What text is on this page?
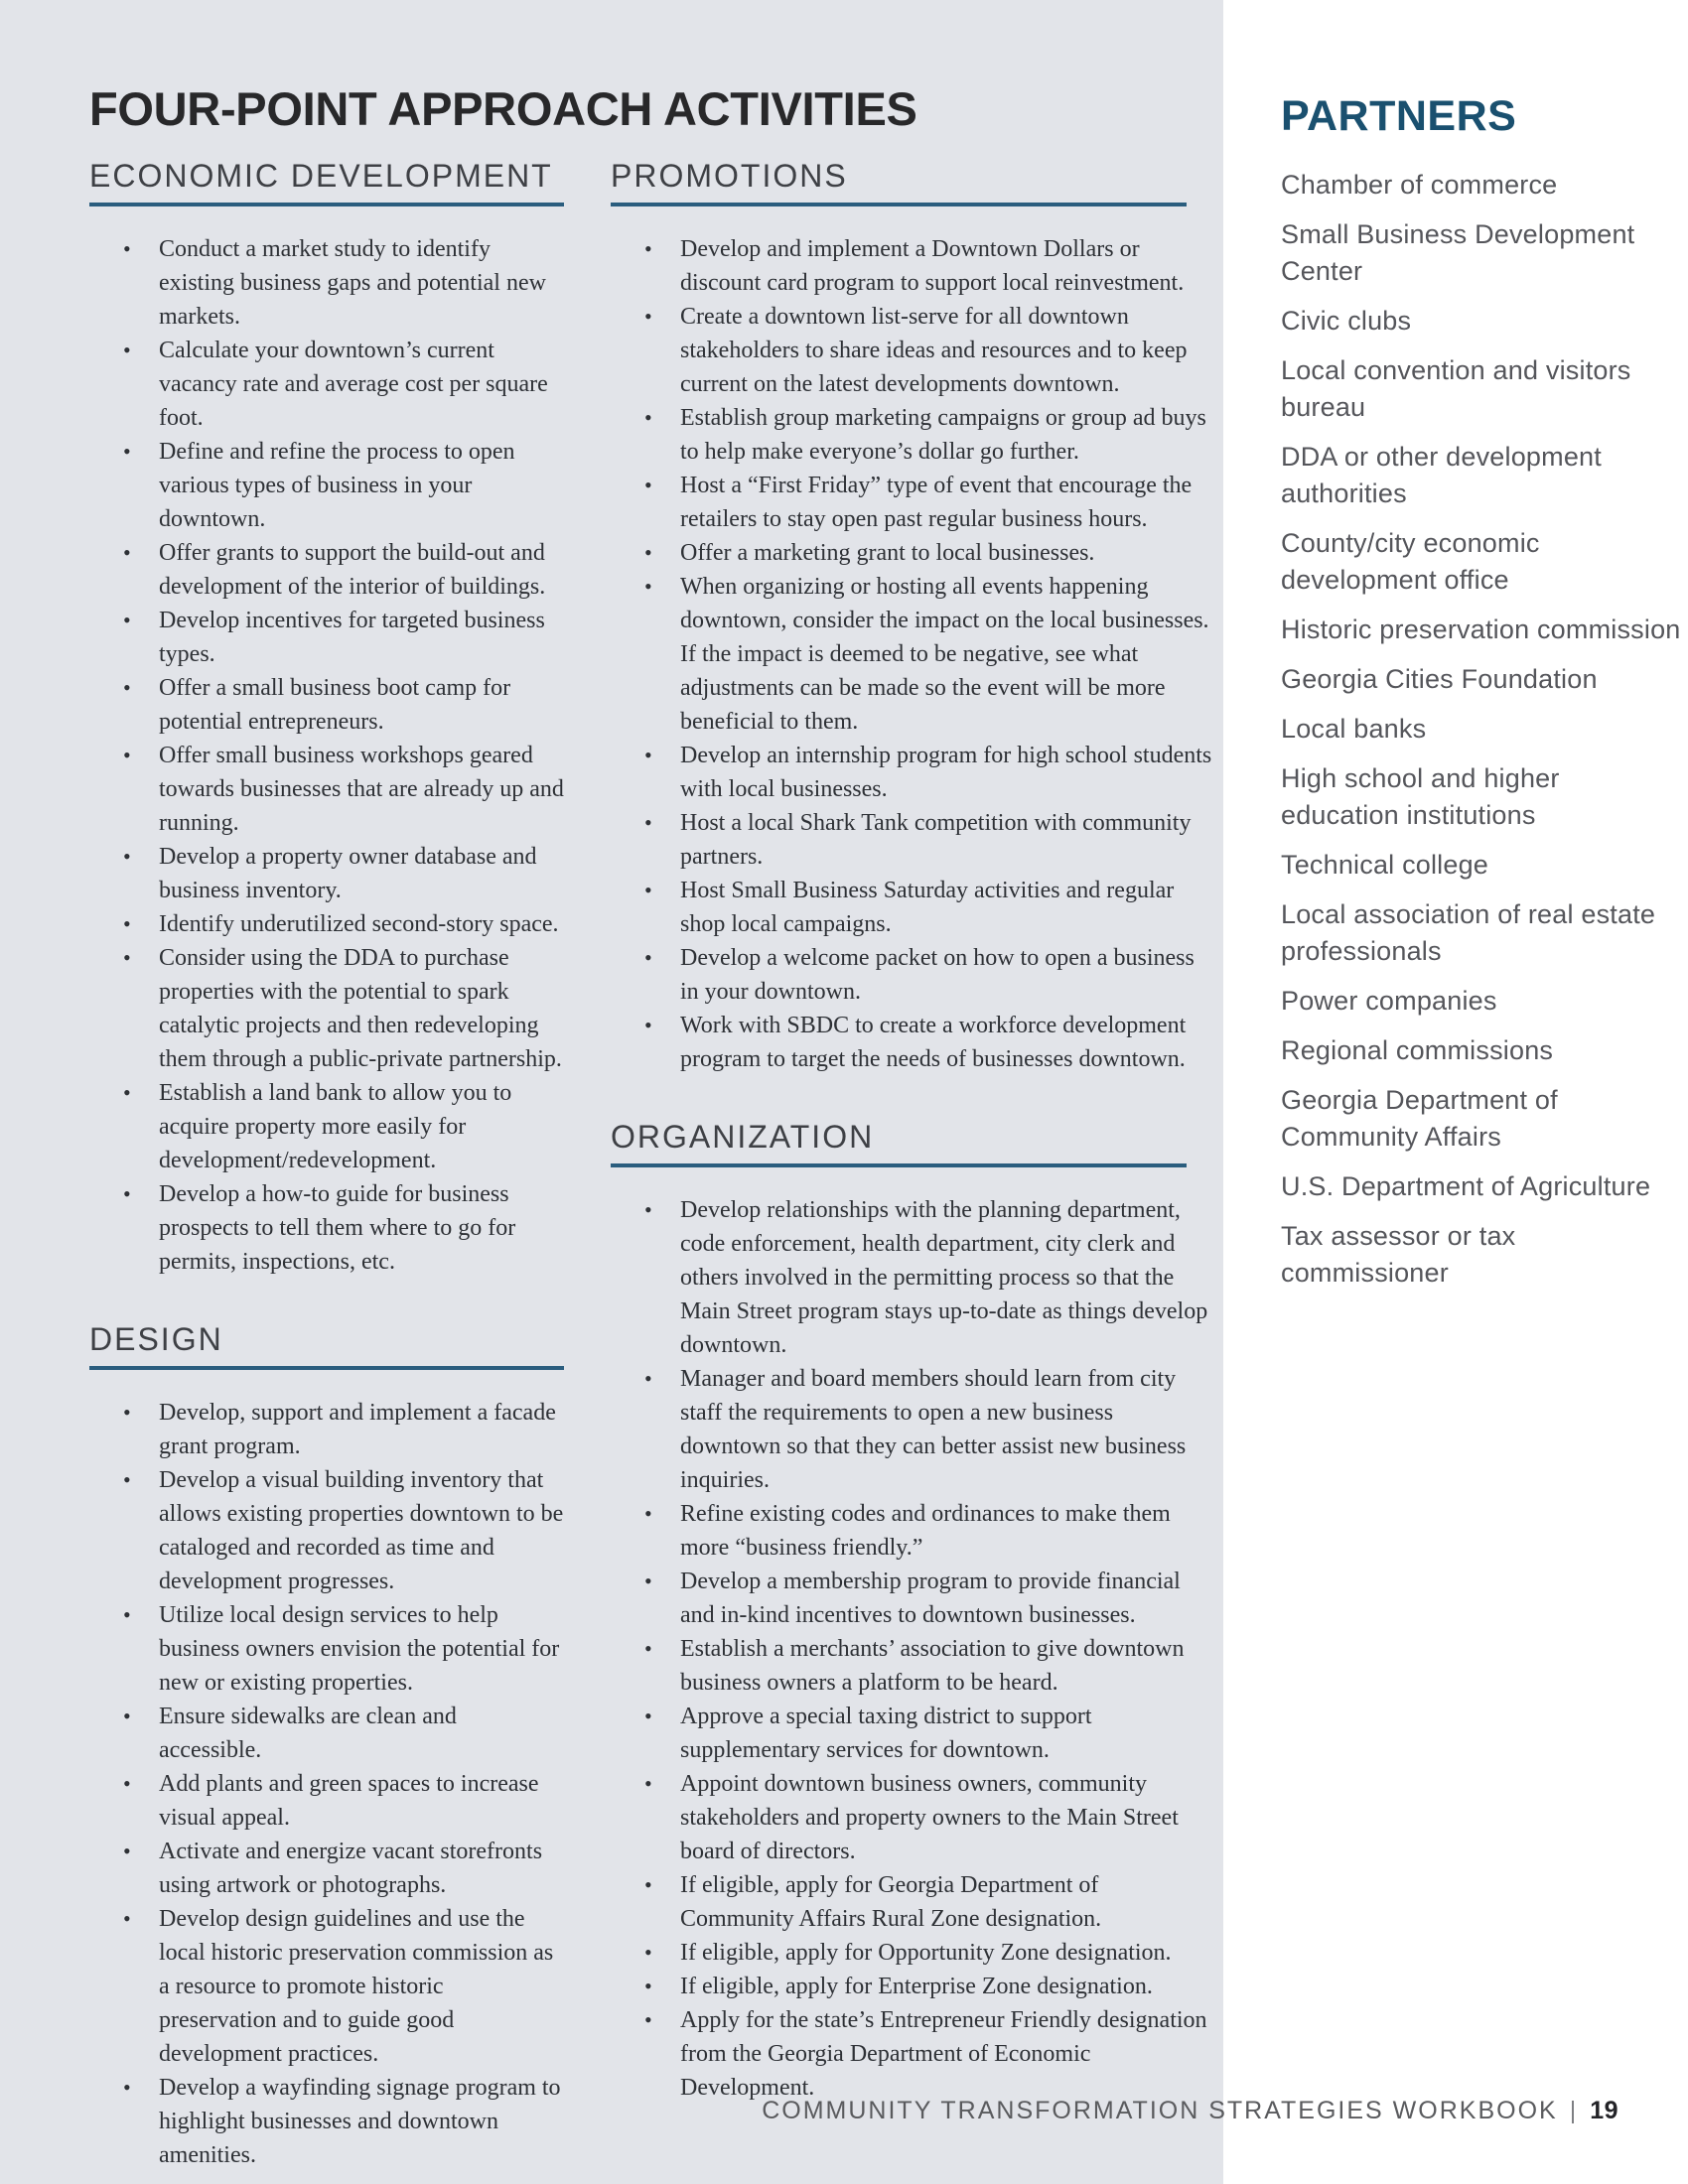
FOUR-POINT APPROACH ACTIVITIES
ECONOMIC DEVELOPMENT
• Conduct a market study to identify existing business gaps and potential new markets.
• Calculate your downtown’s current vacancy rate and average cost per square foot.
• Define and refine the process to open various types of business in your downtown.
• Offer grants to support the build-out and development of the interior of buildings.
• Develop incentives for targeted business types.
• Offer a small business boot camp for potential entrepreneurs.
• Offer small business workshops geared towards businesses that are already up and running.
• Develop a property owner database and business inventory.
• Identify underutilized second-story space.
• Consider using the DDA to purchase properties with the potential to spark catalytic projects and then redeveloping them through a public-private partnership.
• Establish a land bank to allow you to acquire property more easily for development/redevelopment.
• Develop a how-to guide for business prospects to tell them where to go for permits, inspections, etc.
DESIGN
• Develop, support and implement a facade grant program.
• Develop a visual building inventory that allows existing properties downtown to be cataloged and recorded as time and development progresses.
• Utilize local design services to help business owners envision the potential for new or existing properties.
• Ensure sidewalks are clean and accessible.
• Add plants and green spaces to increase visual appeal.
• Activate and energize vacant storefronts using artwork or photographs.
• Develop design guidelines and use the local historic preservation commission as a resource to promote historic preservation and to guide good development practices.
• Develop a wayfinding signage program to highlight businesses and downtown amenities.
PROMOTIONS
• Develop and implement a Downtown Dollars or discount card program to support local reinvestment.
• Create a downtown list-serve for all downtown stakeholders to share ideas and resources and to keep current on the latest developments downtown.
• Establish group marketing campaigns or group ad buys to help make everyone’s dollar go further.
• Host a “First Friday” type of event that encourage the retailers to stay open past regular business hours.
• Offer a marketing grant to local businesses.
• When organizing or hosting all events happening downtown, consider the impact on the local businesses. If the impact is deemed to be negative, see what adjustments can be made so the event will be more beneficial to them.
• Develop an internship program for high school students with local businesses.
• Host a local Shark Tank competition with community partners.
• Host Small Business Saturday activities and regular shop local campaigns.
• Develop a welcome packet on how to open a business in your downtown.
• Work with SBDC to create a workforce development program to target the needs of businesses downtown.
ORGANIZATION
• Develop relationships with the planning department, code enforcement, health department, city clerk and others involved in the permitting process so that the Main Street program stays up-to-date as things develop downtown.
• Manager and board members should learn from city staff the requirements to open a new business downtown so that they can better assist new business inquiries.
• Refine existing codes and ordinances to make them more “business friendly.”
• Develop a membership program to provide financial and in-kind incentives to downtown businesses.
• Establish a merchants’ association to give downtown business owners a platform to be heard.
• Approve a special taxing district to support supplementary services for downtown.
• Appoint downtown business owners, community stakeholders and property owners to the Main Street board of directors.
• If eligible, apply for Georgia Department of Community Affairs Rural Zone designation.
• If eligible, apply for Opportunity Zone designation.
• If eligible, apply for Enterprise Zone designation.
• Apply for the state’s Entrepreneur Friendly designation from the Georgia Department of Economic Development.
PARTNERS
Chamber of commerce
Small Business Development Center
Civic clubs
Local convention and visitors bureau
DDA or other development authorities
County/city economic development office
Historic preservation commission
Georgia Cities Foundation
Local banks
High school and higher education institutions
Technical college
Local association of real estate professionals
Power companies
Regional commissions
Georgia Department of Community Affairs
U.S. Department of Agriculture
Tax assessor or tax commissioner
COMMUNITY TRANSFORMATION STRATEGIES WORKBOOK | 19
